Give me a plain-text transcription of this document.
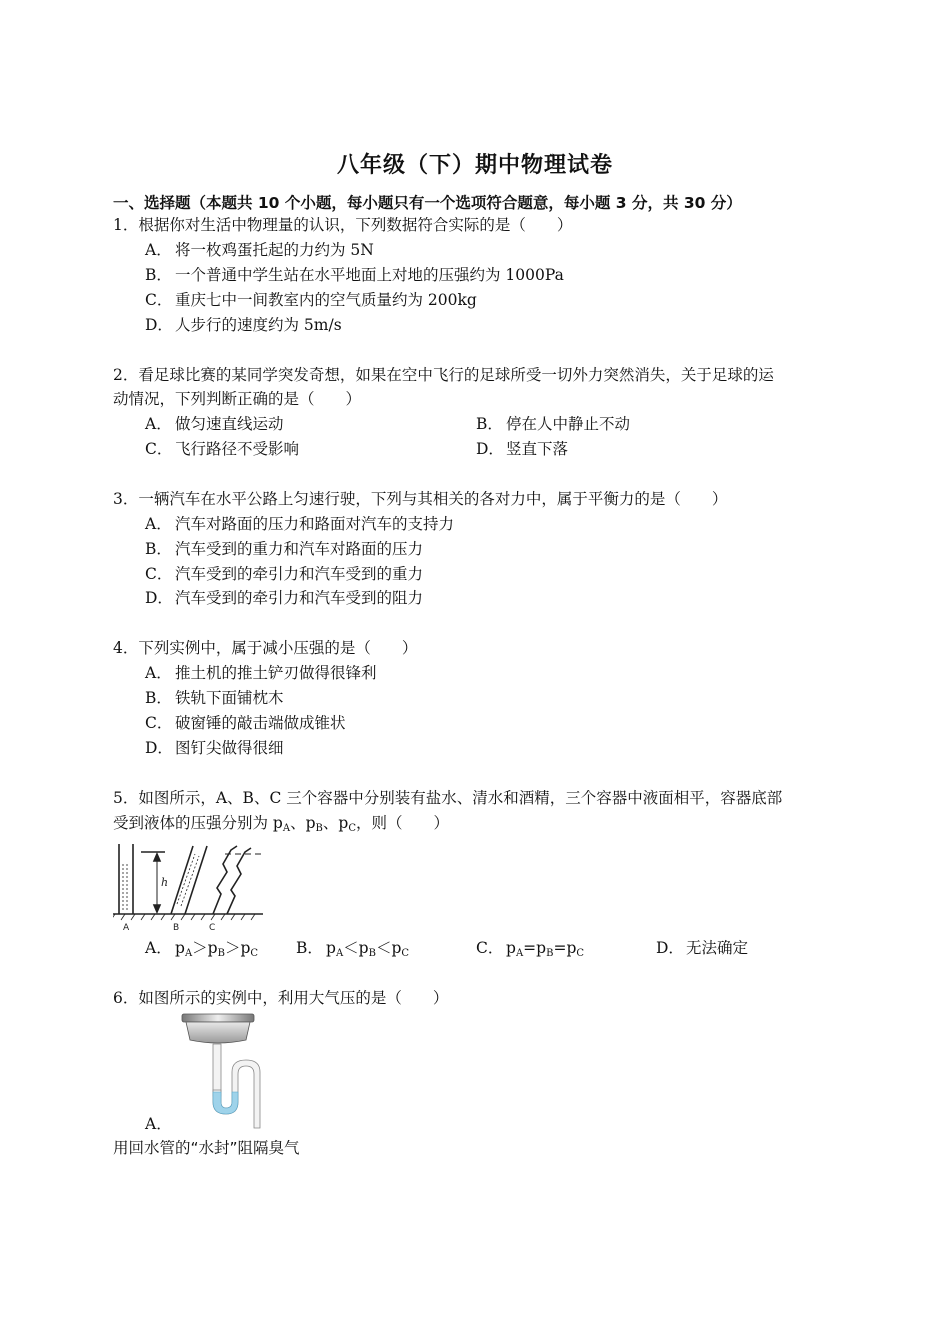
八年级（下）期中物理试卷
一、选择题（本题共 10 个小题，每小题只有一个选项符合题意，每小题 3 分，共 30 分）
1．根据你对生活中物理量的认识，下列数据符合实际的是（　　）
A． 将一枚鸡蛋托起的力约为 5N
B． 一个普通中学生站在水平地面上对地的压强约为 1000Pa
C． 重庆七中一间教室内的空气质量约为 200kg
D． 人步行的速度约为 5m/s
2．看足球比赛的某同学突发奇想，如果在空中飞行的足球所受一切外力突然消失，关于足球的运
动情况，下列判断正确的是（　　）
A． 做匀速直线运动	B． 停在人中静止不动
C． 飞行路径不受影响	D． 竖直下落
3．一辆汽车在水平公路上匀速行驶，下列与其相关的各对力中，属于平衡力的是（　　）
A． 汽车对路面的压力和路面对汽车的支持力
B． 汽车受到的重力和汽车对路面的压力
C． 汽车受到的牵引力和汽车受到的重力
D． 汽车受到的牵引力和汽车受到的阻力
4．下列实例中，属于减小压强的是（　　）
A． 推土机的推土铲刃做得很锋利
B． 铁轨下面铺枕木
C． 破窗锤的敲击端做成锥状
D． 图钉尖做得很细
5．如图所示，A、B、C 三个容器中分别装有盐水、清水和酒精，三个容器中液面相平，容器底部
受到液体的压强分别为 $p_A$、$p_B$、$p_C$，则（　　）
h
A	B	C
A． $p_A>p_B>p_C$ B． $p_A<p_B<p_C$	C． $p_A=p_B=p_C$	D． 无法确定
6．如图所示的实例中，利用大气压的是（　　）
A．
用回水管的“水封”阻隔臭气
